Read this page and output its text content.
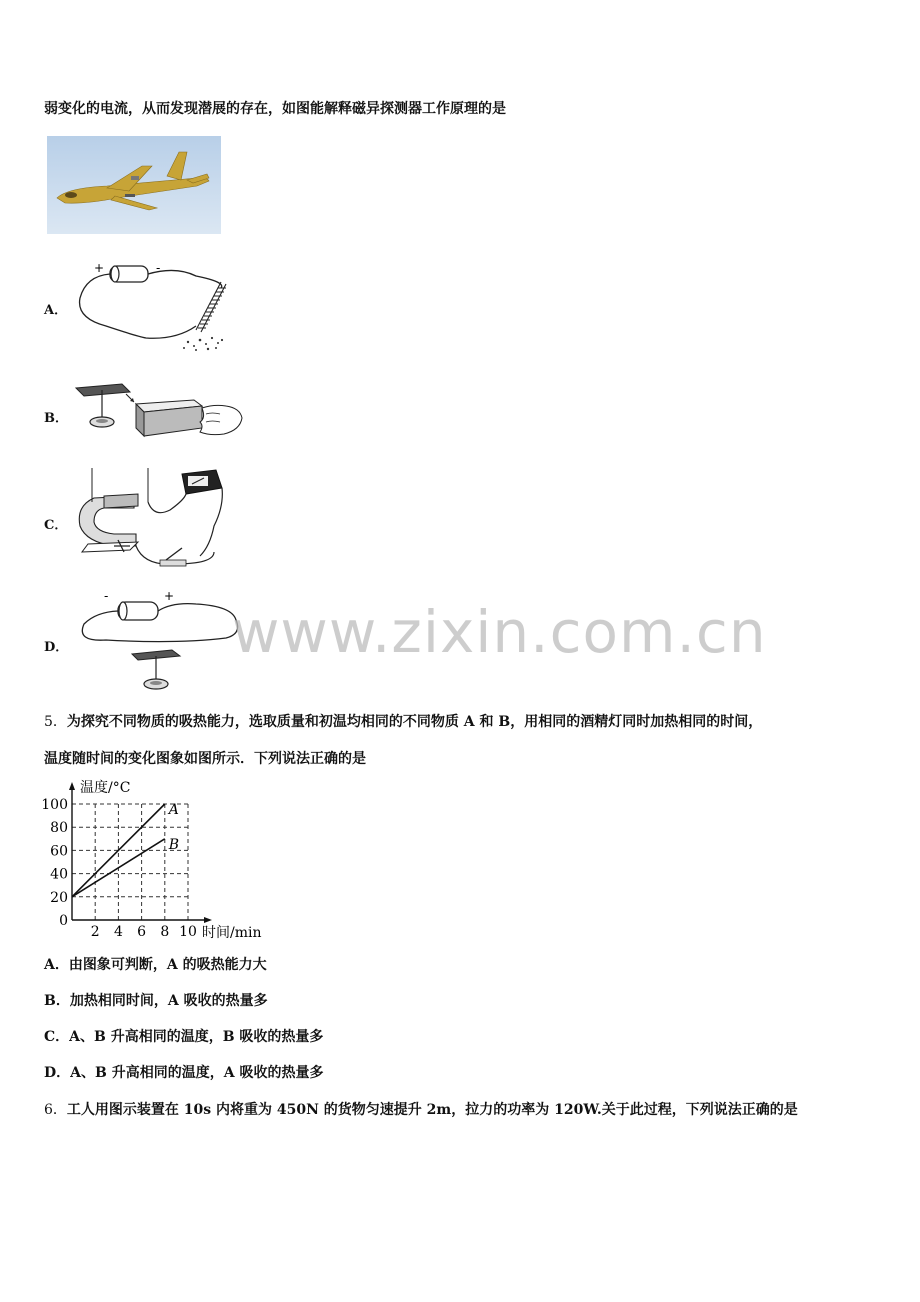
弱变化的电流，从而发现潜展的存在，如图能解释磁异探测器工作原理的是
A．
+	-
B．
C．
D．
-	+
www.zixin.com.cn
5．为探究不同物质的吸热能力，选取质量和初温均相同的不同物质 A 和 B，用相同的酒精灯同时加热相同的时间，
温度随时间的变化图象如图所示．下列说法正确的是
2 4 6 8 10
0
20
40
60
80
100
温度/°C
时间/min
A
B
A．由图象可判断，A 的吸热能力大
B．加热相同时间，A 吸收的热量多
C．A、B 升高相同的温度，B 吸收的热量多
D．A、B 升高相同的温度，A 吸收的热量多
6．工人用图示装置在 10s 内将重为 450N 的货物匀速提升 2m，拉力的功率为 120W.关于此过程，下列说法正确的是
